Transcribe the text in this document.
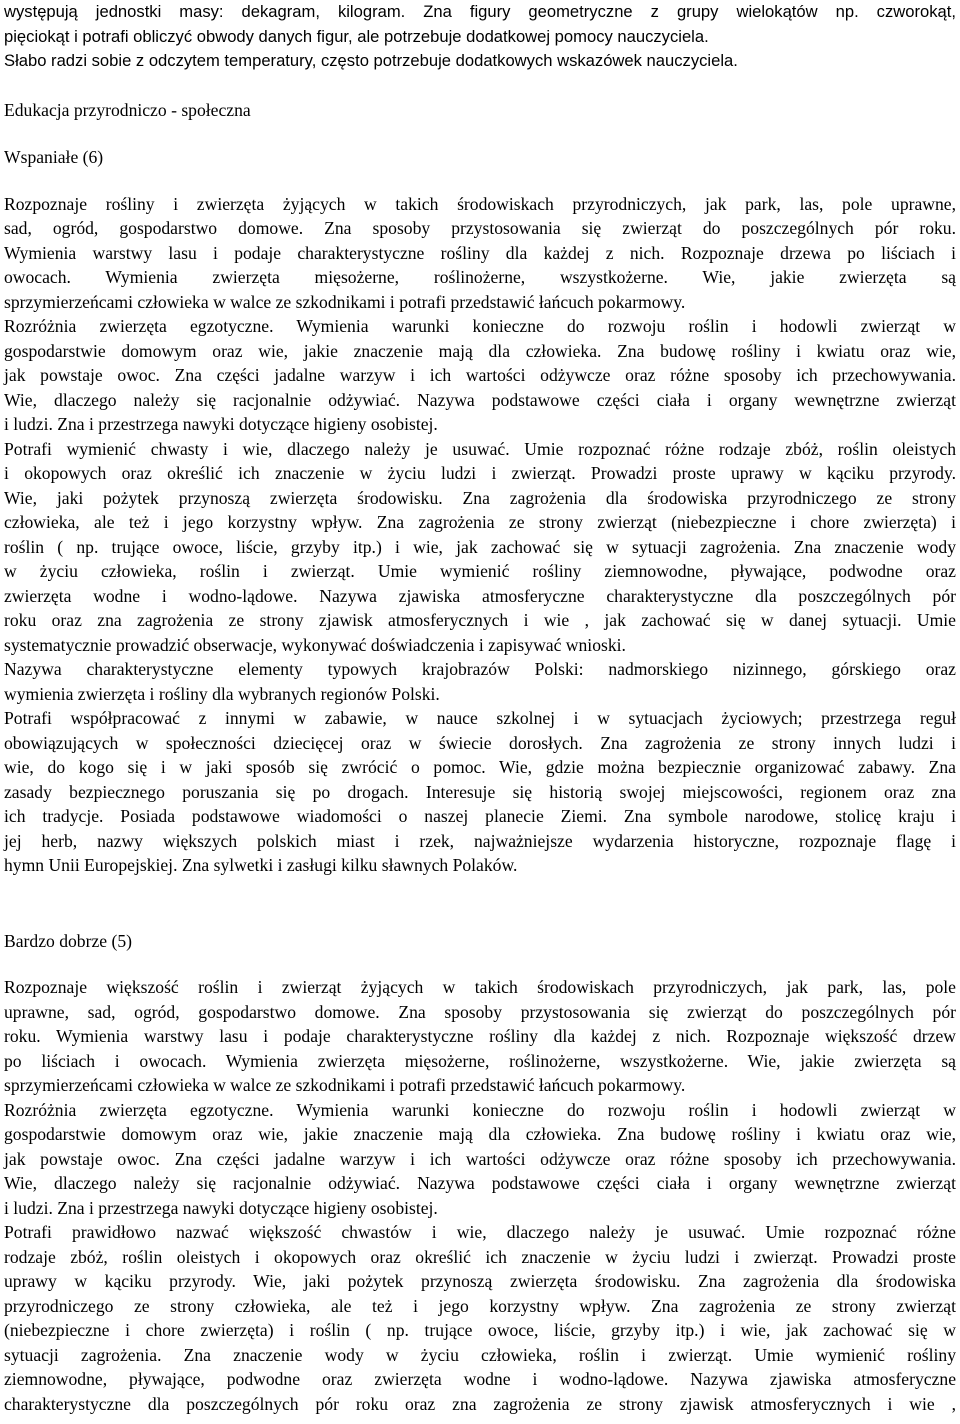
występują jednostki masy: dekagram, kilogram. Zna figury geometryczne z grupy wielokątów np. czworokąt,
pięciokąt i potrafi obliczyć obwody danych figur, ale potrzebuje dodatkowej pomocy nauczyciela.
Słabo radzi sobie z odczytem temperatury, często potrzebuje dodatkowych wskazówek nauczyciela.
Edukacja przyrodniczo - społeczna
Wspaniałe (6)
Rozpoznaje rośliny i zwierzęta żyjących w takich środowiskach przyrodniczych, jak park, las, pole uprawne,
sad, ogród, gospodarstwo domowe. Zna sposoby przystosowania się zwierząt do poszczególnych pór roku.
Wymienia warstwy lasu i podaje charakterystyczne rośliny dla każdej z nich. Rozpoznaje drzewa po liściach i
owocach. Wymienia zwierzęta mięsożerne, roślinożerne, wszystkożerne. Wie, jakie zwierzęta są
sprzymierzeńcami człowieka w walce ze szkodnikami i potrafi przedstawić łańcuch pokarmowy.
Rozróżnia zwierzęta egzotyczne. Wymienia warunki konieczne do rozwoju roślin i hodowli zwierząt w
gospodarstwie domowym oraz wie, jakie znaczenie mają dla człowieka. Zna budowę rośliny i kwiatu oraz wie,
jak powstaje owoc. Zna części jadalne warzyw i ich wartości odżywcze oraz różne sposoby ich przechowywania.
Wie, dlaczego należy się racjonalnie odżywiać. Nazywa podstawowe części ciała i organy wewnętrzne zwierząt
i ludzi. Zna i przestrzega nawyki dotyczące higieny osobistej.
Potrafi wymienić chwasty i wie, dlaczego należy je usuwać. Umie rozpoznać różne rodzaje zbóż, roślin oleistych
i okopowych oraz określić ich znaczenie w życiu ludzi i zwierząt. Prowadzi proste uprawy w kąciku przyrody.
Wie, jaki pożytek przynoszą zwierzęta środowisku. Zna zagrożenia dla środowiska przyrodniczego ze strony
człowieka, ale też i jego korzystny wpływ. Zna zagrożenia ze strony zwierząt (niebezpieczne i chore zwierzęta) i
roślin ( np. trujące owoce, liście, grzyby itp.) i wie, jak zachować się w sytuacji zagrożenia. Zna znaczenie wody
w życiu człowieka, roślin i zwierząt. Umie wymienić rośliny ziemnowodne, pływające, podwodne oraz
zwierzęta wodne i wodno-lądowe. Nazywa zjawiska atmosferyczne charakterystyczne dla poszczególnych pór
roku oraz zna zagrożenia ze strony zjawisk atmosferycznych i wie , jak zachować się w danej sytuacji. Umie
systematycznie prowadzić obserwacje, wykonywać doświadczenia i zapisywać wnioski.
Nazywa charakterystyczne elementy typowych krajobrazów Polski: nadmorskiego nizinnego, górskiego oraz
wymienia zwierzęta i rośliny dla wybranych regionów Polski.
Potrafi współpracować z innymi w zabawie, w nauce szkolnej i w sytuacjach życiowych; przestrzega reguł
obowiązujących w społeczności dziecięcej oraz w świecie dorosłych. Zna zagrożenia ze strony innych ludzi i
wie, do kogo się i w jaki sposób się zwrócić o pomoc. Wie, gdzie można bezpiecznie organizować zabawy. Zna
zasady bezpiecznego poruszania się po drogach. Interesuje się historią swojej miejscowości, regionem oraz zna
ich tradycje. Posiada podstawowe wiadomości o naszej planecie Ziemi. Zna symbole narodowe, stolicę kraju i
jej herb, nazwy większych polskich miast i rzek, najważniejsze wydarzenia historyczne, rozpoznaje flagę i
hymn Unii Europejskiej. Zna sylwetki i zasługi kilku sławnych Polaków.
Bardzo dobrze (5)
Rozpoznaje większość roślin i zwierząt żyjących w takich środowiskach przyrodniczych, jak park, las, pole
uprawne, sad, ogród, gospodarstwo domowe. Zna sposoby przystosowania się zwierząt do poszczególnych pór
roku. Wymienia warstwy lasu i podaje charakterystyczne rośliny dla każdej z nich. Rozpoznaje większość drzew
po liściach i owocach. Wymienia zwierzęta mięsożerne, roślinożerne, wszystkożerne. Wie, jakie zwierzęta są
sprzymierzeńcami człowieka w walce ze szkodnikami i potrafi przedstawić łańcuch pokarmowy.
Rozróżnia zwierzęta egzotyczne. Wymienia warunki konieczne do rozwoju roślin i hodowli zwierząt w
gospodarstwie domowym oraz wie, jakie znaczenie mają dla człowieka. Zna budowę rośliny i kwiatu oraz wie,
jak powstaje owoc. Zna części jadalne warzyw i ich wartości odżywcze oraz różne sposoby ich przechowywania.
Wie, dlaczego należy się racjonalnie odżywiać. Nazywa podstawowe części ciała i organy wewnętrzne zwierząt
i ludzi. Zna i przestrzega nawyki dotyczące higieny osobistej.
Potrafi prawidłowo nazwać większość chwastów i wie, dlaczego należy je usuwać. Umie rozpoznać różne
rodzaje zbóż, roślin oleistych i okopowych oraz określić ich znaczenie w życiu ludzi i zwierząt. Prowadzi proste
uprawy w kąciku przyrody. Wie, jaki pożytek przynoszą zwierzęta środowisku. Zna zagrożenia dla środowiska
przyrodniczego ze strony człowieka, ale też i jego korzystny wpływ. Zna zagrożenia ze strony zwierząt
(niebezpieczne i chore zwierzęta) i roślin ( np. trujące owoce, liście, grzyby itp.) i wie, jak zachować się w
sytuacji zagrożenia. Zna znaczenie wody w życiu człowieka, roślin i zwierząt. Umie wymienić rośliny
ziemnowodne, pływające, podwodne oraz zwierzęta wodne i wodno-lądowe. Nazywa zjawiska atmosferyczne
charakterystyczne dla poszczególnych pór roku oraz zna zagrożenia ze strony zjawisk atmosferycznych i wie ,
